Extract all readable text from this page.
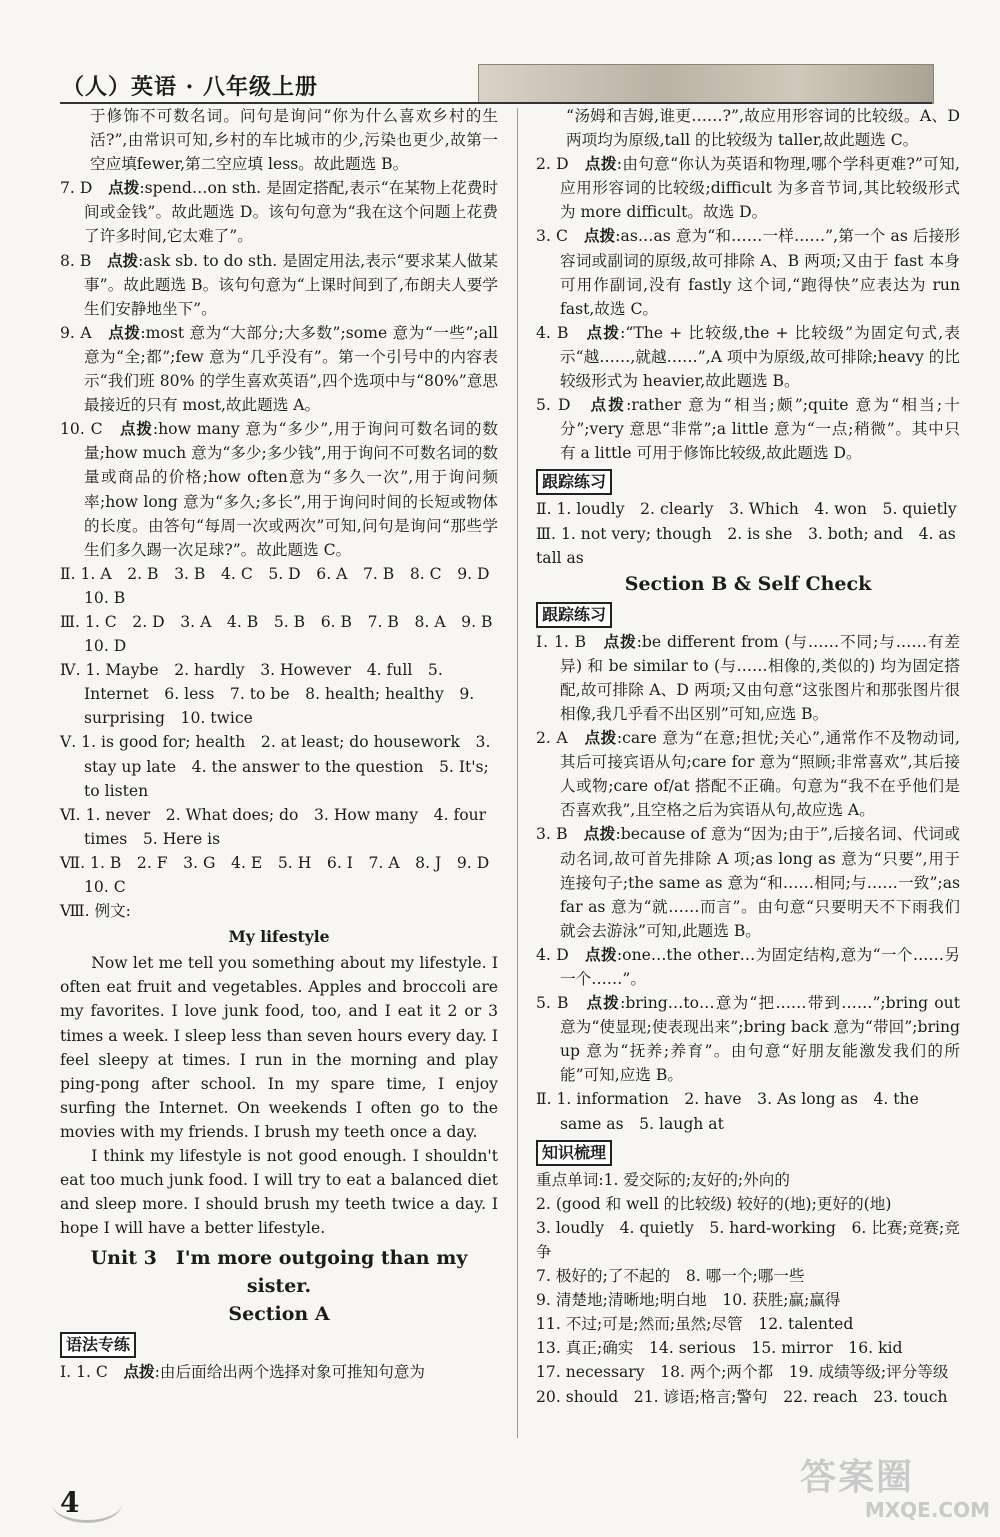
（人）英语 · 八年级上册

于修饰不可数名词。问句是询问“你为什么喜欢乡村的生活?”,由常识可知,乡村的车比城市的少,污染也更少,故第一空应填fewer,第二空应填 less。故此题选 B。

7. D　 点拨:spend…on sth. 是固定搭配,表示“在某物上花费时间或金钱”。故此题选 D。该句句意为“我在这个问题上花费了许多时间,它太难了”。

8. B　 点拨:ask sb. to do sth. 是固定用法,表示“要求某人做某事”。故此题选 B。该句句意为“上课时间到了,布朗夫人要学生们安静地坐下”。

9. A　 点拨:most 意为“大部分;大多数”;some 意为“一些”;all 意为“全;都”;few 意为“几乎没有”。第一个引号中的内容表示“我们班 80% 的学生喜欢英语”,四个选项中与“80%”意思最接近的只有 most,故此题选 A。

10. C　 点拨:how many 意为“多少”,用于询问可数名词的数量;how much 意为“多少;多少钱”,用于询问不可数名词的数量或商品的价格;how often意为“多久一次”,用于询问频率;how long 意为“多久;多长”,用于询问时间的长短或物体的长度。由答句“每周一次或两次”可知,问句是询问“那些学生们多久踢一次足球?”。故此题选 C。

Ⅱ. 1. A　2. B　3. B　4. C　5. D　6. A　7. B　8. C　9. D　10. B

Ⅲ. 1. C　2. D　3. A　4. B　5. B　6. B　7. B　8. A　9. B　10. D

Ⅳ. 1. Maybe　2. hardly　3. However　4. full　5. Internet　6. less　7. to be　8. health; healthy　9. surprising　10. twice

Ⅴ. 1. is good for; health　2. at least; do housework　3. stay up late　4. the answer to the question　5. It's; to listen

Ⅵ. 1. never　2. What does; do　3. How many　4. four times　5. Here is

Ⅶ. 1. B　2. F　3. G　4. E　5. H　6. I　7. A　8. J　9. D　10. C

Ⅷ. 例文:

My lifestyle

Now let me tell you something about my lifestyle. I often eat fruit and vegetables. Apples and broccoli are my favorites. I love junk food, too, and I eat it 2 or 3 times a week. I sleep less than seven hours every day. I feel sleepy at times. I run in the morning and play ping-pong after school. In my spare time, I enjoy surfing the Internet. On weekends I often go to the movies with my friends. I brush my teeth once a day.

I think my lifestyle is not good enough. I shouldn't eat too much junk food. I will try to eat a balanced diet and sleep more. I should brush my teeth twice a day. I hope I will have a better lifestyle.

Unit 3　I'm more outgoing than my sister.
Section A
语法专练

Ⅰ. 1. C　 点拨:由后面给出两个选择对象可推知句意为

“汤姆和吉姆,谁更……?”,故应用形容词的比较级。A、D 两项均为原级,tall 的比较级为 taller,故此题选 C。

2. D　 点拨:由句意“你认为英语和物理,哪个学科更难?”可知,应用形容词的比较级;difficult 为多音节词,其比较级形式为 more difficult。故选 D。

3. C　 点拨:as…as 意为“和……一样……”,第一个 as 后接形容词或副词的原级,故可排除 A、B 两项;又由于 fast 本身可用作副词,没有 fastly 这个词,“跑得快”应表达为 run fast,故选 C。

4. B　 点拨:“The + 比较级,the + 比较级”为固定句式,表示“越……,就越……”,A 项中为原级,故可排除;heavy 的比较级形式为 heavier,故此题选 B。

5. D　 点拨:rather 意为“相当;颇”;quite 意为“相当;十分”;very 意思“非常”;a little 意为“一点;稍微”。其中只有 a little 可用于修饰比较级,故此题选 D。

跟踪练习

Ⅱ. 1. loudly　2. clearly　3. Which　4. won　5. quietly

Ⅲ. 1. not very; though　2. is she　3. both; and　4. as tall as

Section B & Self Check
跟踪练习

Ⅰ. 1. B　 点拨:be different from (与……不同;与……有差异) 和 be similar to (与……相像的,类似的) 均为固定搭配,故可排除 A、D 两项;又由句意“这张图片和那张图片很相像,我几乎看不出区别”可知,应选 B。

2. A　 点拨:care 意为“在意;担忧;关心”,通常作不及物动词,其后可接宾语从句;care for 意为“照顾;非常喜欢”,其后接人或物;care of/at 搭配不正确。句意为“我不在乎他们是否喜欢我”,且空格之后为宾语从句,故应选 A。

3. B　 点拨:because of 意为“因为;由于”,后接名词、代词或动名词,故可首先排除 A 项;as long as 意为“只要”,用于连接句子;the same as 意为“和……相同;与……一致”;as far as 意为“就……而言”。由句意“只要明天不下雨我们就会去游泳”可知,此题选 B。

4. D　 点拨:one…the other…为固定结构,意为“一个……另一个……”。

5. B　 点拨:bring…to…意为“把……带到……”;bring out 意为“使显现;使表现出来”;bring back 意为“带回”;bring up 意为“抚养;养育”。由句意“好朋友能激发我们的所能”可知,应选 B。

Ⅱ. 1. information　2. have　3. As long as　4. the same as　5. laugh at

知识梳理

重点单词:1. 爱交际的;友好的;外向的

2. (good 和 well 的比较级) 较好的(地);更好的(地)

3. loudly　4. quietly　5. hard-working　6. 比赛;竞赛;竞争

7. 极好的;了不起的　8. 哪一个;哪一些

9. 清楚地;清晰地;明白地　10. 获胜;赢;赢得

11. 不过;可是;然而;虽然;尽管　12. talented

13. 真正;确实　14. serious　15. mirror　16. kid

17. necessary　18. 两个;两个都　19. 成绩等级;评分等级

20. should　21. 谚语;格言;警句　22. reach　23. touch

4
答案圈
MXQE.COM
